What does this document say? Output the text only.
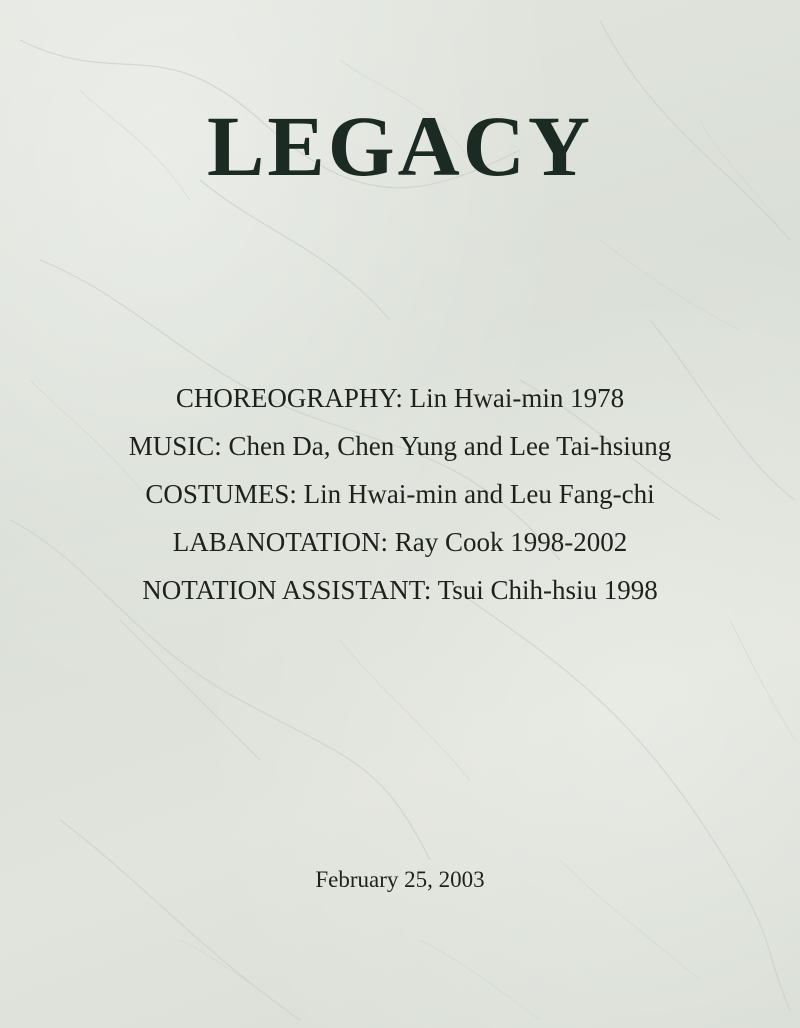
LEGACY
CHOREOGRAPHY: Lin Hwai-min 1978
MUSIC: Chen Da, Chen Yung and Lee Tai-hsiung
COSTUMES: Lin Hwai-min and Leu Fang-chi
LABANOTATION: Ray Cook 1998-2002
NOTATION ASSISTANT: Tsui Chih-hsiu 1998
February 25, 2003
